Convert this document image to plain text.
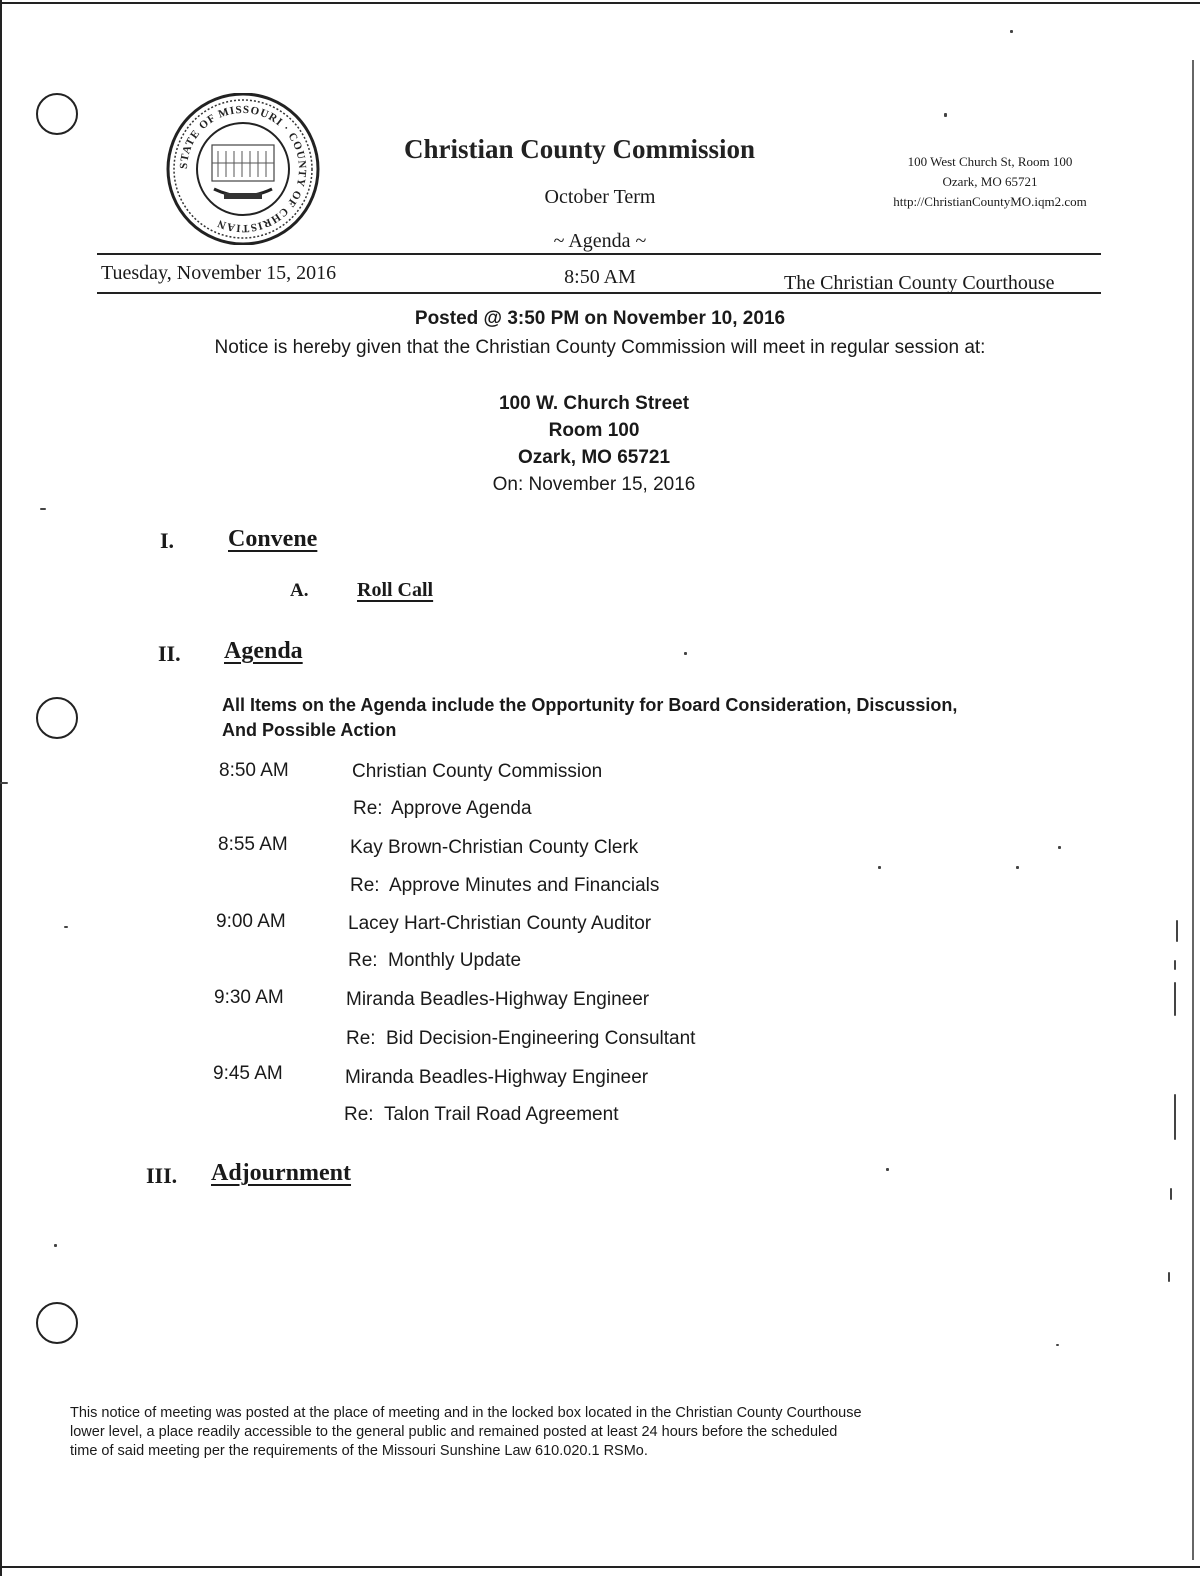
STATE OF MISSOURI · COUNTY OF CHRISTIAN
Christian County Commission
October Term
~ Agenda ~
100 West Church St, Room 100
Ozark, MO 65721
http://ChristianCountyMO.iqm2.com
Tuesday, November 15, 2016	8:50 AM	The Christian County Courthouse
Posted @ 3:50 PM on November 10, 2016
Notice is hereby given that the Christian County Commission will meet in regular session at:
100 W. Church Street
Room 100
Ozark, MO 65721
On: November 15, 2016
I. Convene
A. Roll Call
II. Agenda
All Items on the Agenda include the Opportunity for Board Consideration, Discussion,
And Possible Action
8:50 AM	Christian County Commission
Re: Approve Agenda
8:55 AM	Kay Brown-Christian County Clerk
Re: Approve Minutes and Financials
9:00 AM	Lacey Hart-Christian County Auditor
Re: Monthly Update
9:30 AM	Miranda Beadles-Highway Engineer
Re: Bid Decision-Engineering Consultant
9:45 AM	Miranda Beadles-Highway Engineer
Re: Talon Trail Road Agreement
III. Adjournment
This notice of meeting was posted at the place of meeting and in the locked box located in the Christian County Courthouse
lower level, a place readily accessible to the general public and remained posted at least 24 hours before the scheduled
time of said meeting per the requirements of the Missouri Sunshine Law 610.020.1 RSMo.
